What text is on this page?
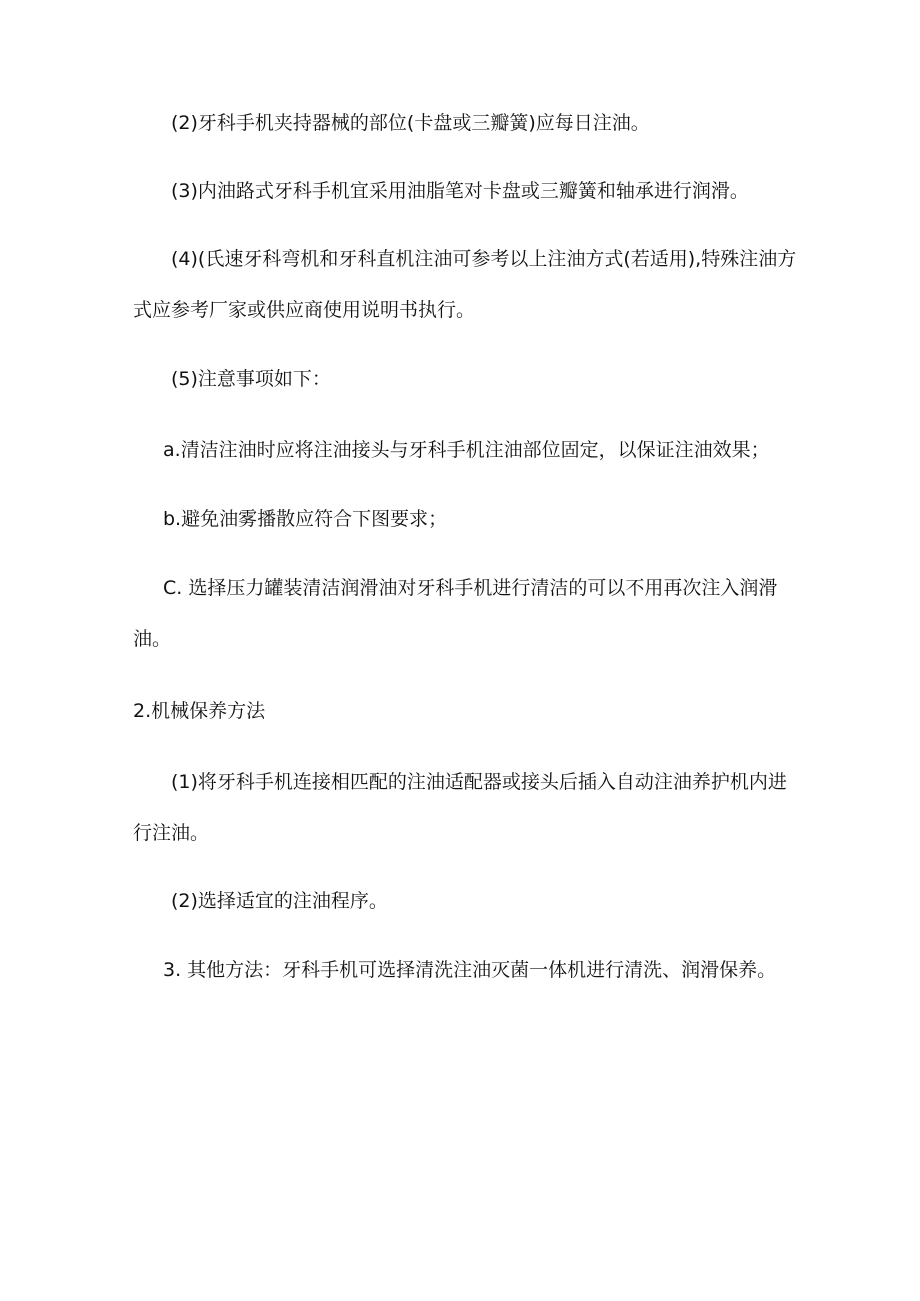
(2)牙科手机夹持器械的部位(卡盘或三瓣簧)应每日注油。

(3)内油路式牙科手机宜采用油脂笔对卡盘或三瓣簧和轴承进行润滑。

(4)(氏速牙科弯机和牙科直机注油可参考以上注油方式(若适用),特殊注油方式应参考厂家或供应商使用说明书执行。

(5)注意事项如下：

a.清洁注油时应将注油接头与牙科手机注油部位固定，以保证注油效果；

b.避免油雾播散应符合下图要求；

C. 选择压力罐装清洁润滑油对牙科手机进行清洁的可以不用再次注入润滑油。

2.机械保养方法

(1)将牙科手机连接相匹配的注油适配器或接头后插入自动注油养护机内进行注油。

(2)选择适宜的注油程序。

3. 其他方法：牙科手机可选择清洗注油灭菌一体机进行清洗、润滑保养。
